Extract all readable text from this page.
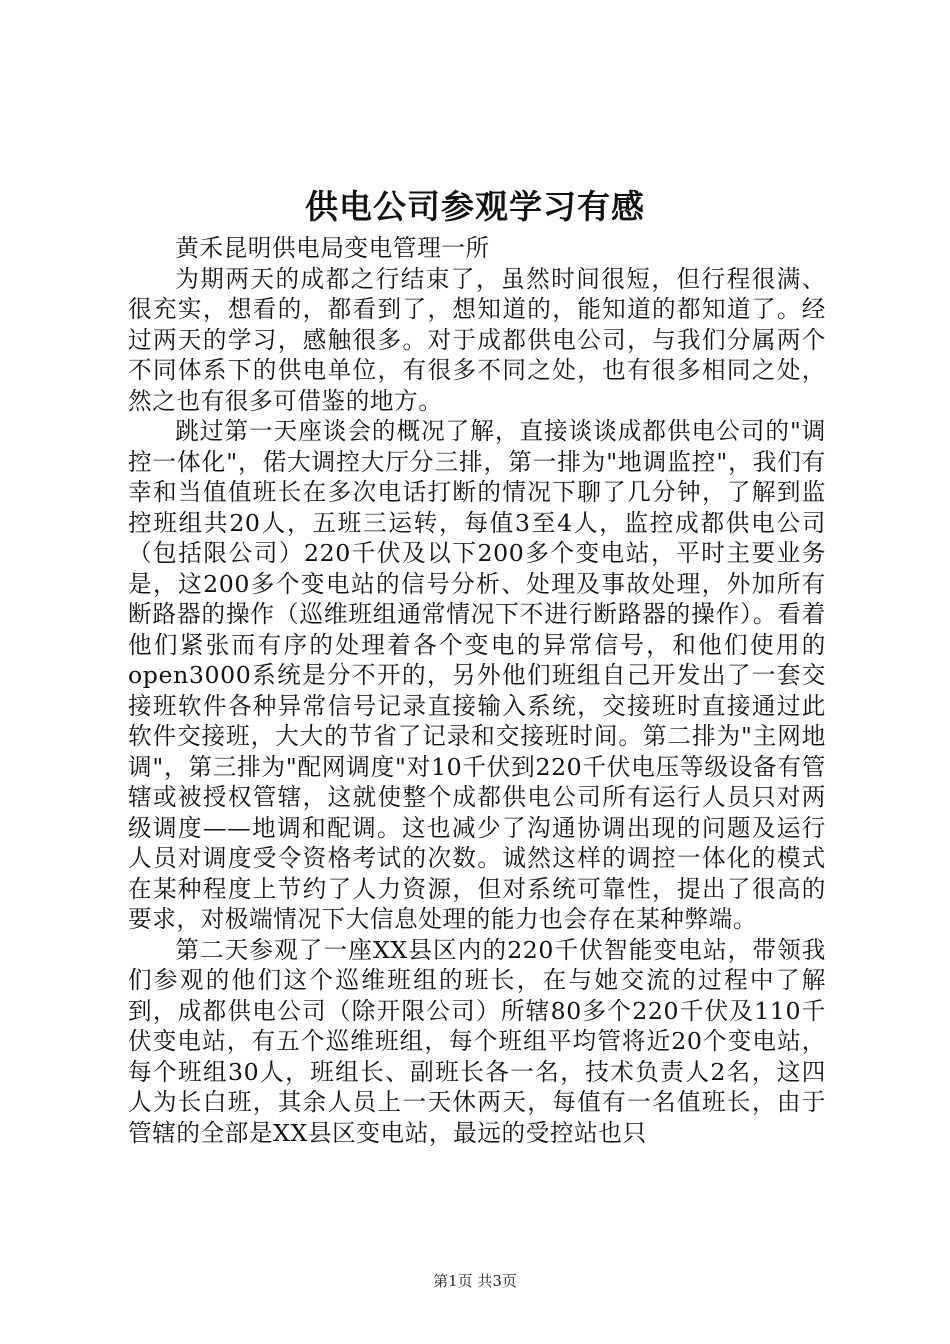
供电公司参观学习有感

黄禾昆明供电局变电管理一所

为期两天的成都之行结束了，虽然时间很短，但行程很满、很充实，想看的，都看到了，想知道的，能知道的都知道了。经过两天的学习，感触很多。对于成都供电公司，与我们分属两个不同体系下的供电单位，有很多不同之处，也有很多相同之处，然之也有很多可借鉴的地方。

跳过第一天座谈会的概况了解，直接谈谈成都供电公司的"调控一体化"，偌大调控大厅分三排，第一排为"地调监控"，我们有幸和当值值班长在多次电话打断的情况下聊了几分钟，了解到监控班组共20人，五班三运转，每值3至4人，监控成都供电公司（包括限公司）220千伏及以下200多个变电站，平时主要业务是，这200多个变电站的信号分析、处理及事故处理，外加所有断路器的操作（巡维班组通常情况下不进行断路器的操作）。看着他们紧张而有序的处理着各个变电的异常信号，和他们使用的open3000系统是分不开的，另外他们班组自己开发出了一套交接班软件各种异常信号记录直接输入系统，交接班时直接通过此软件交接班，大大的节省了记录和交接班时间。第二排为"主网地调"，第三排为"配网调度"对10千伏到220千伏电压等级设备有管辖或被授权管辖，这就使整个成都供电公司所有运行人员只对两级调度——地调和配调。这也减少了沟通协调出现的问题及运行人员对调度受令资格考试的次数。诚然这样的调控一体化的模式在某种程度上节约了人力资源，但对系统可靠性，提出了很高的要求，对极端情况下大信息处理的能力也会存在某种弊端。

第二天参观了一座XX县区内的220千伏智能变电站，带领我们参观的他们这个巡维班组的班长，在与她交流的过程中了解到，成都供电公司（除开限公司）所辖80多个220千伏及110千伏变电站，有五个巡维班组，每个班组平均管将近20个变电站，每个班组30人，班组长、副班长各一名，技术负责人2名，这四人为长白班，其余人员上一天休两天，每值有一名值班长，由于管辖的全部是XX县区变电站，最远的受控站也只

第1页 共3页
